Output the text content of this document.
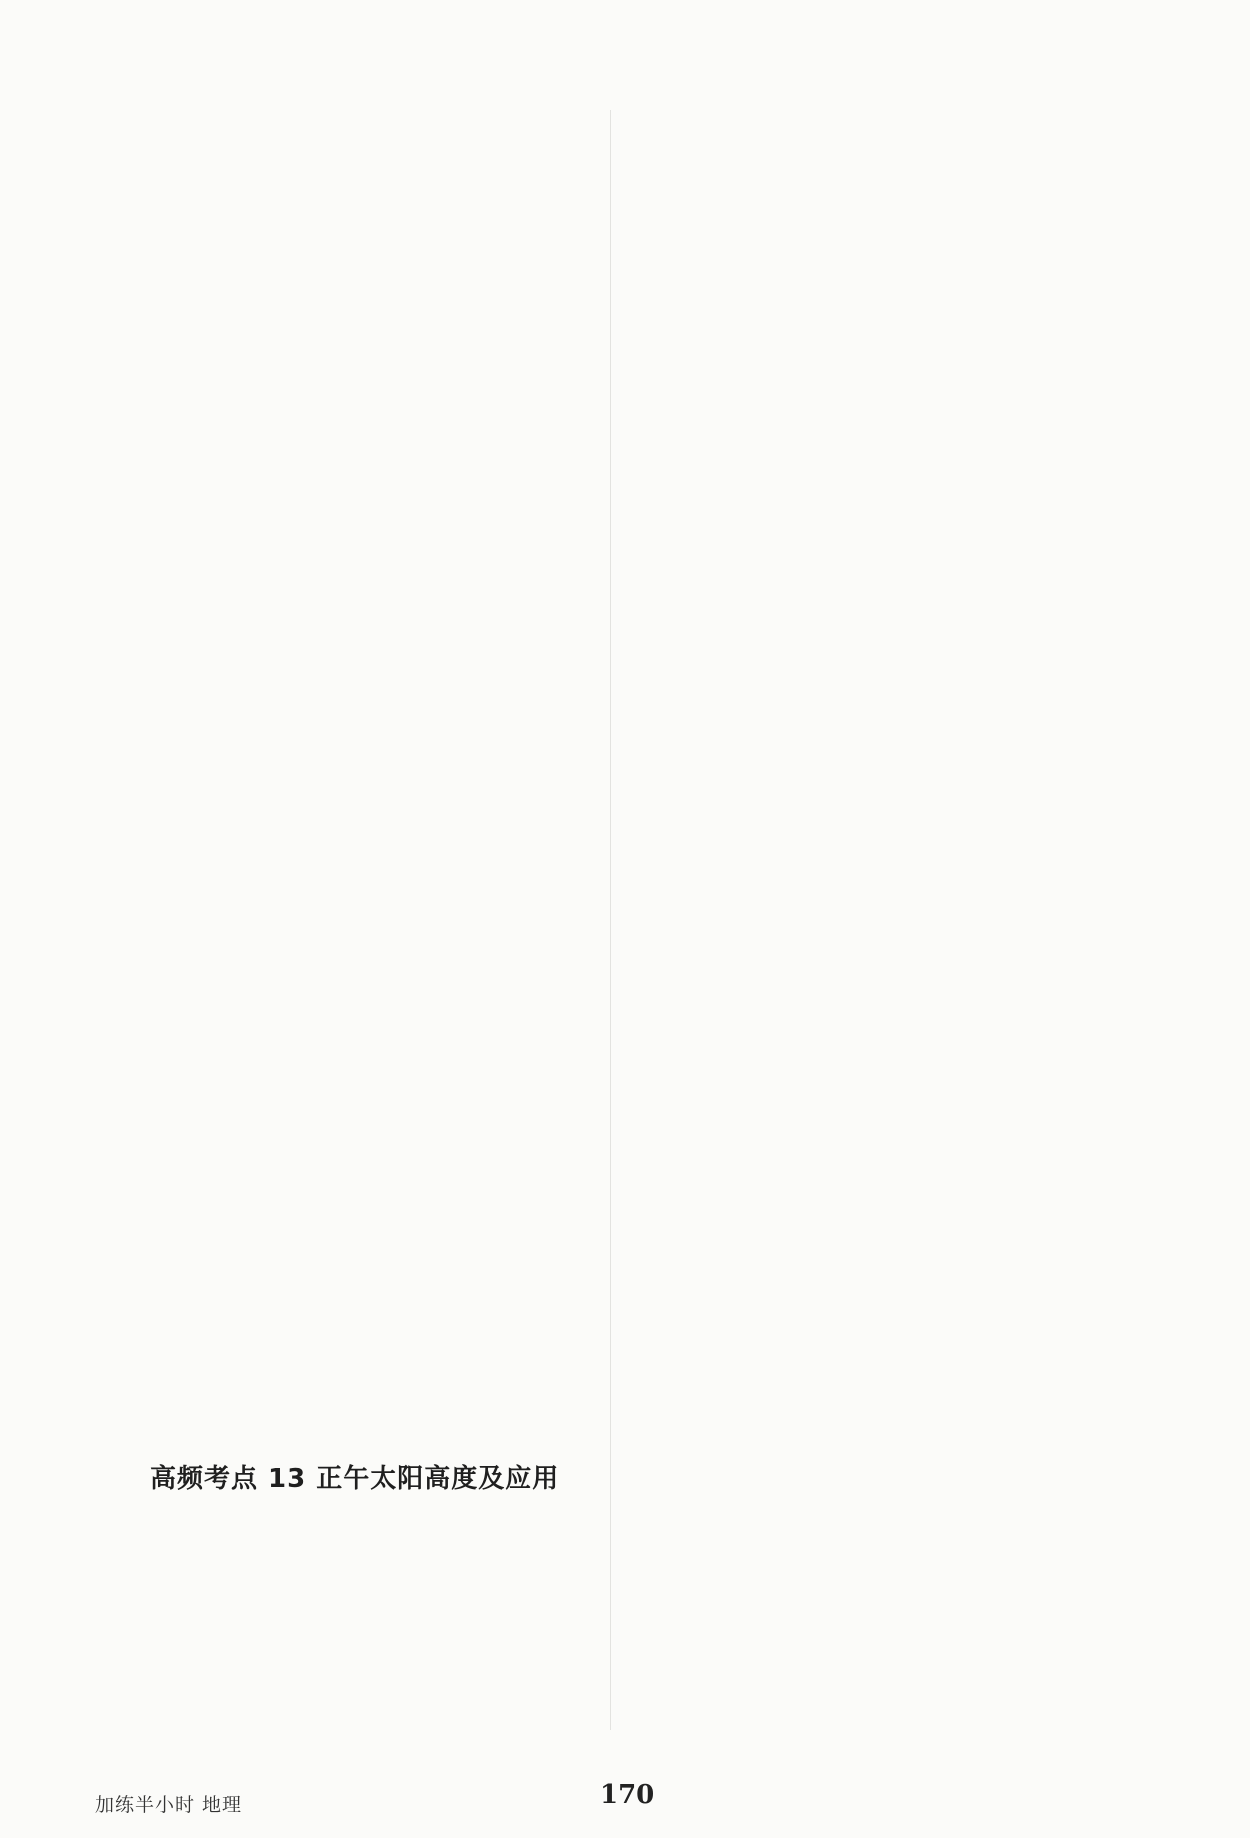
高频考点 13 正午太阳高度及应用
加练半小时 地理	170
